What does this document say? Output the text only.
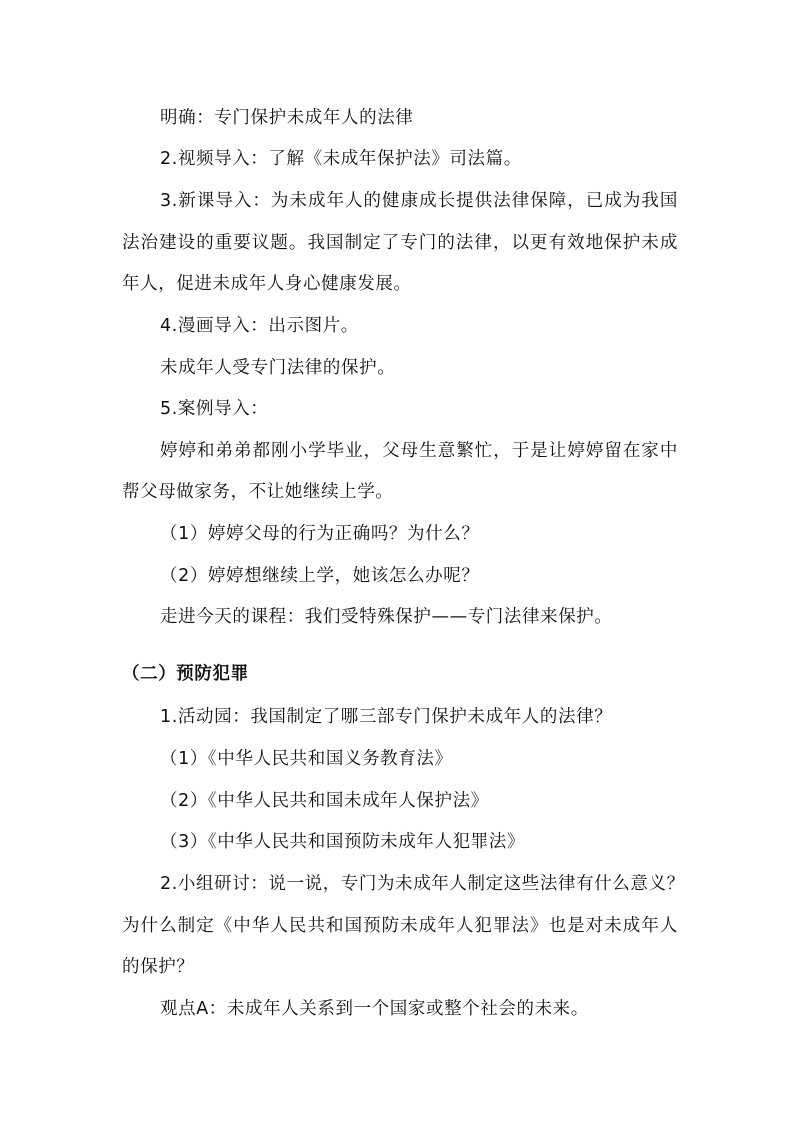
明确：专门保护未成年人的法律
2.视频导入：了解《未成年保护法》司法篇。
3.新课导入：为未成年人的健康成长提供法律保障，已成为我国
法治建设的重要议题。我国制定了专门的法律，以更有效地保护未成
年人，促进未成年人身心健康发展。
4.漫画导入：出示图片。
未成年人受专门法律的保护。
5.案例导入：
婷婷和弟弟都刚小学毕业，父母生意繁忙，于是让婷婷留在家中
帮父母做家务，不让她继续上学。
（1）婷婷父母的行为正确吗？为什么？
（2）婷婷想继续上学，她该怎么办呢？
走进今天的课程：我们受特殊保护——专门法律来保护。
（二）预防犯罪
1.活动园：我国制定了哪三部专门保护未成年人的法律？
（1）《中华人民共和国义务教育法》
（2）《中华人民共和国未成年人保护法》
（3）《中华人民共和国预防未成年人犯罪法》
2.小组研讨：说一说，专门为未成年人制定这些法律有什么意义？
为什么制定《中华人民共和国预防未成年人犯罪法》也是对未成年人
的保护？
观点A：未成年人关系到一个国家或整个社会的未来。
